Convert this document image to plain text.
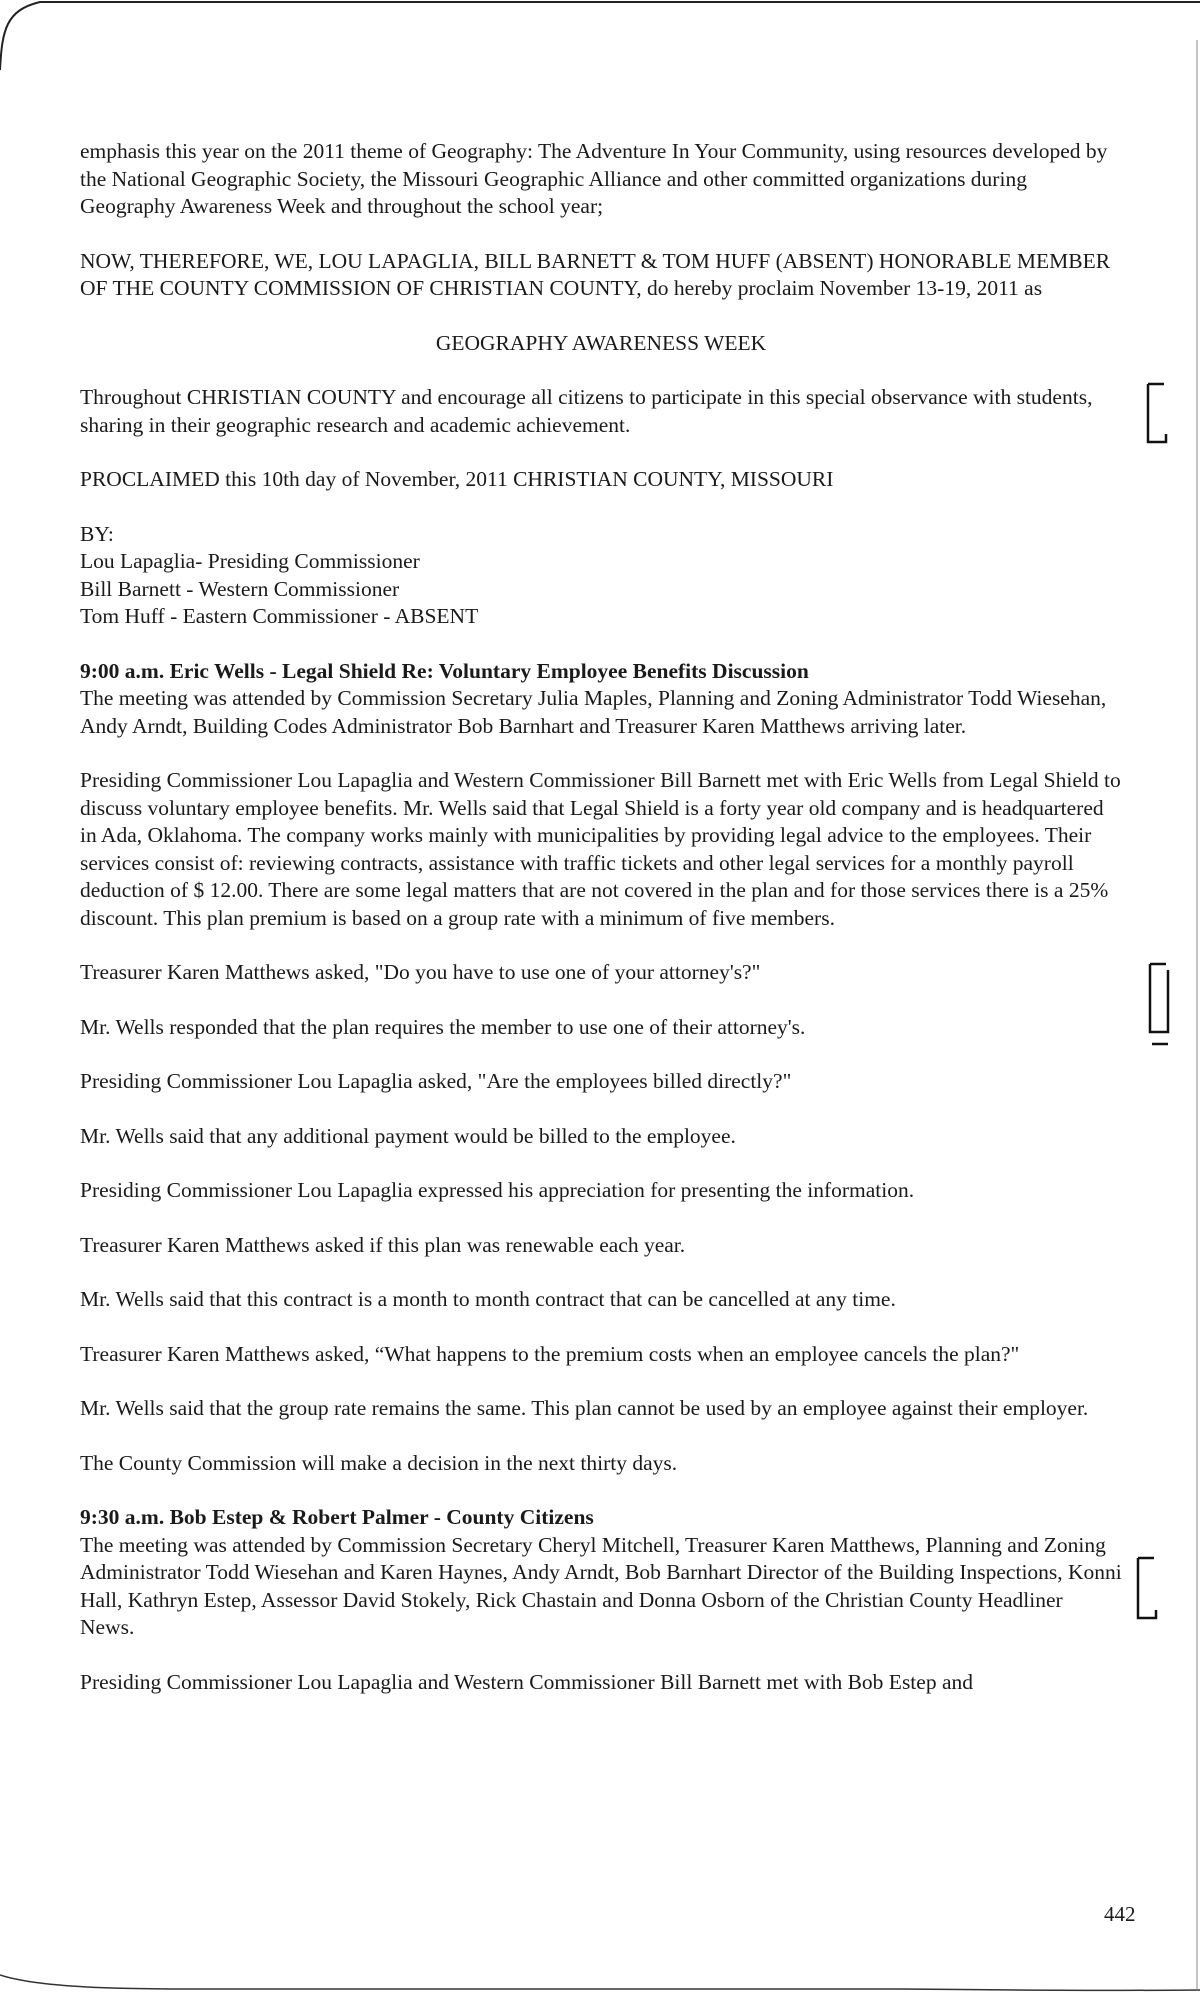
emphasis this year on the 2011 theme of Geography: The Adventure In Your Community, using resources developed by the National Geographic Society, the Missouri Geographic Alliance and other committed organizations during Geography Awareness Week and throughout the school year;

NOW, THEREFORE, WE, LOU LAPAGLIA, BILL BARNETT & TOM HUFF (ABSENT) HONORABLE MEMBER OF THE COUNTY COMMISSION OF CHRISTIAN COUNTY, do hereby proclaim November 13-19, 2011 as

GEOGRAPHY AWARENESS WEEK

Throughout CHRISTIAN COUNTY and encourage all citizens to participate in this special observance with students, sharing in their geographic research and academic achievement.

PROCLAIMED this 10th day of November, 2011 CHRISTIAN COUNTY, MISSOURI

BY:

Lou Lapaglia- Presiding Commissioner

Bill Barnett - Western Commissioner

Tom Huff - Eastern Commissioner - ABSENT

9:00 a.m. Eric Wells - Legal Shield Re: Voluntary Employee Benefits Discussion

The meeting was attended by Commission Secretary Julia Maples, Planning and Zoning Administrator Todd Wiesehan, Andy Arndt, Building Codes Administrator Bob Barnhart and Treasurer Karen Matthews arriving later.

Presiding Commissioner Lou Lapaglia and Western Commissioner Bill Barnett met with Eric Wells from Legal Shield to discuss voluntary employee benefits. Mr. Wells said that Legal Shield is a forty year old company and is headquartered in Ada, Oklahoma. The company works mainly with municipalities by providing legal advice to the employees. Their services consist of: reviewing contracts, assistance with traffic tickets and other legal services for a monthly payroll deduction of $ 12.00. There are some legal matters that are not covered in the plan and for those services there is a 25% discount. This plan premium is based on a group rate with a minimum of five members.

Treasurer Karen Matthews asked, "Do you have to use one of your attorney's?"

Mr. Wells responded that the plan requires the member to use one of their attorney's.

Presiding Commissioner Lou Lapaglia asked, "Are the employees billed directly?"

Mr. Wells said that any additional payment would be billed to the employee.

Presiding Commissioner Lou Lapaglia expressed his appreciation for presenting the information.

Treasurer Karen Matthews asked if this plan was renewable each year.

Mr. Wells said that this contract is a month to month contract that can be cancelled at any time.

Treasurer Karen Matthews asked, “What happens to the premium costs when an employee cancels the plan?"

Mr. Wells said that the group rate remains the same. This plan cannot be used by an employee against their employer.

The County Commission will make a decision in the next thirty days.

9:30 a.m. Bob Estep & Robert Palmer - County Citizens

The meeting was attended by Commission Secretary Cheryl Mitchell, Treasurer Karen Matthews, Planning and Zoning Administrator Todd Wiesehan and Karen Haynes, Andy Arndt, Bob Barnhart Director of the Building Inspections, Konni Hall, Kathryn Estep, Assessor David Stokely, Rick Chastain and Donna Osborn of the Christian County Headliner News.

Presiding Commissioner Lou Lapaglia and Western Commissioner Bill Barnett met with Bob Estep and

442
